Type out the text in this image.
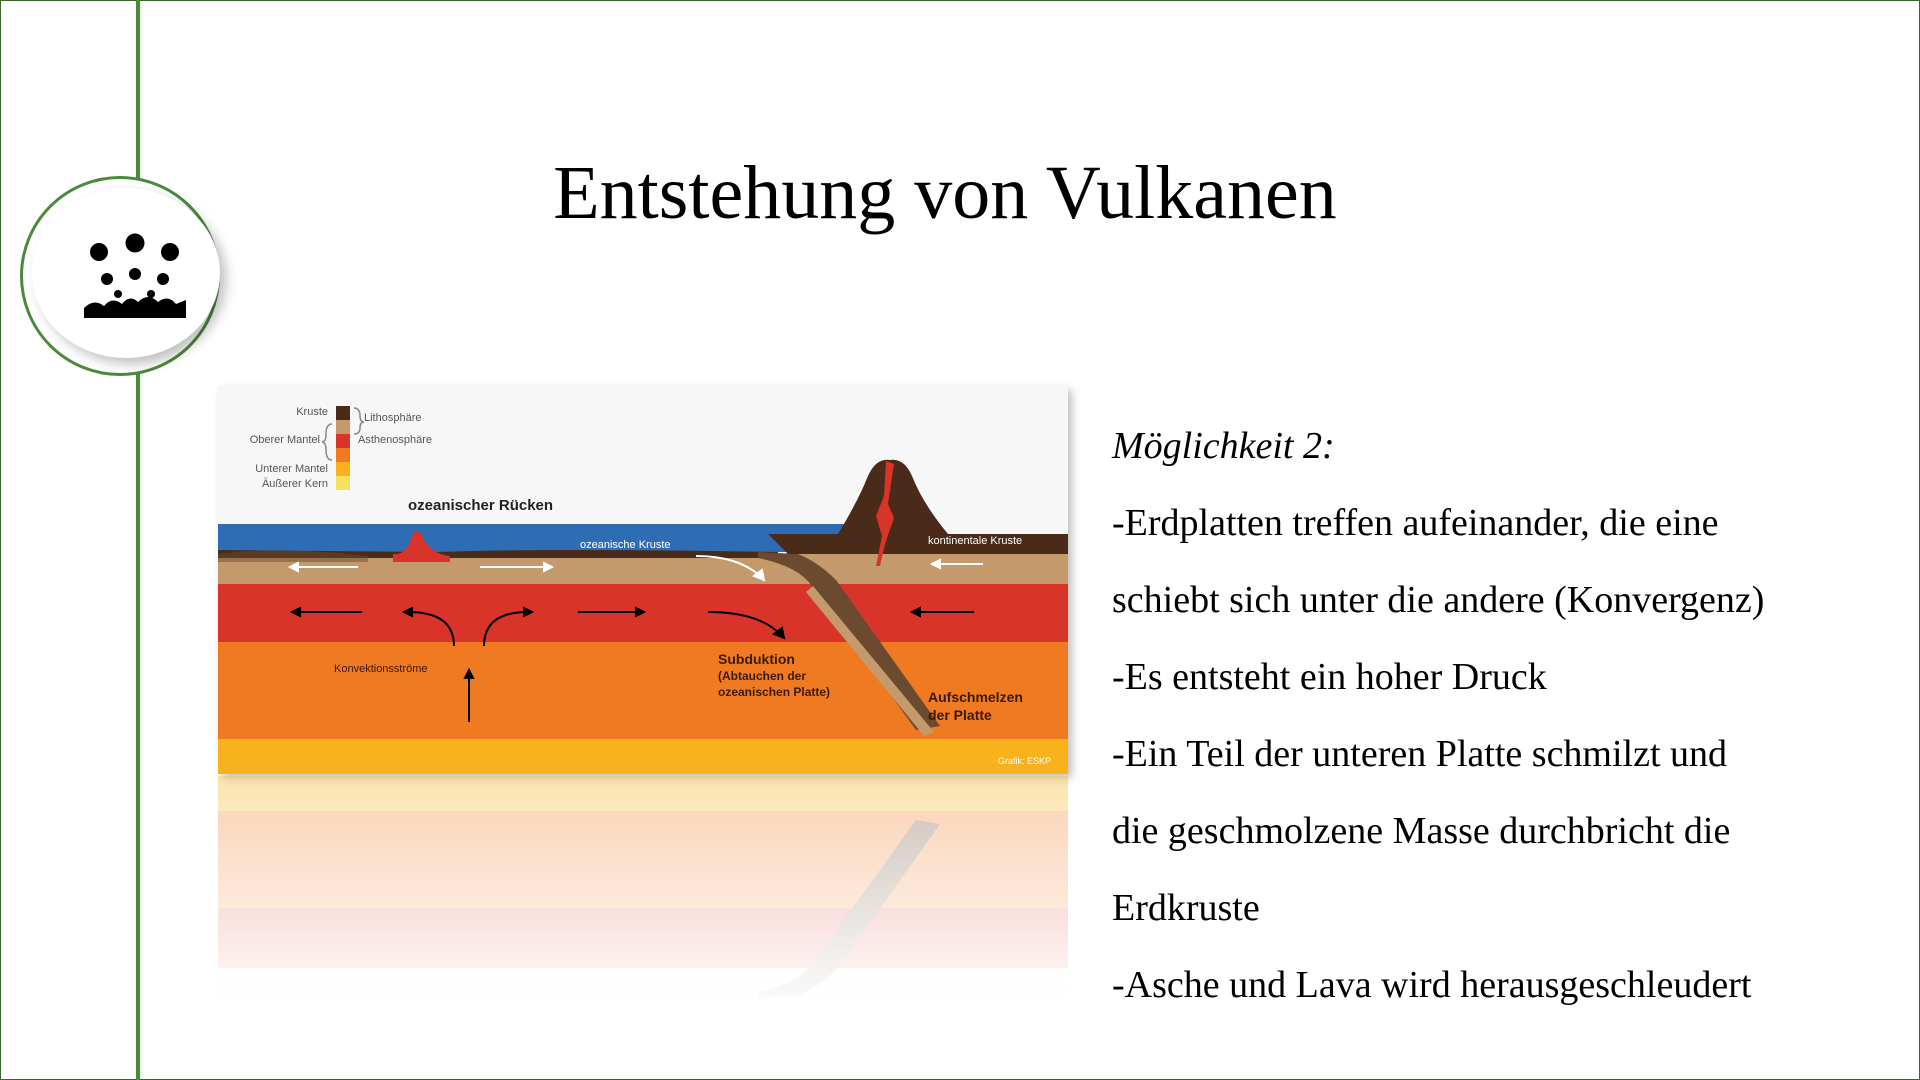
Entstehung von Vulkanen
Kruste
Oberer Mantel
Unterer Mantel
Äußerer Kern
Lithosphäre
Asthenosphäre
ozeanischer Rücken
ozeanische Kruste	kontinentale Kruste
Konvektionsströme
Subduktion
(Abtauchen der
ozeanischen Platte)	Aufschmelzen
der Platte
Grafik: ESKP

Möglichkeit 2:

-Erdplatten treffen aufeinander, die eine

schiebt sich unter die andere (Konvergenz)

-Es entsteht ein hoher Druck

-Ein Teil der unteren Platte schmilzt und

die geschmolzene Masse durchbricht die

Erdkruste

-Asche und Lava wird herausgeschleudert
